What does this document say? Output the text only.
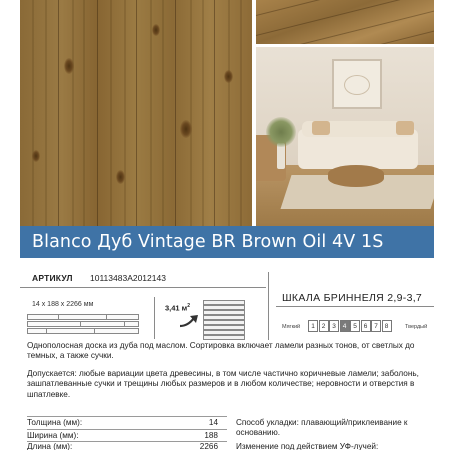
Blanco Дуб Vintage BR Brown Oil 4V 1S
АРТИКУЛ 10113483A2012143
14 x 188 x 2266 мм	3,41 $м^2$
ШКАЛА БРИННЕЛЯ 2,9-3,7
Мягкий	1	2	3	4	5	6	7	8	Твердый
Однополосная доска из дуба под маслом. Сортировка включает ламели разных тонов, от светлых до темных, а также сучки.
Допускается: любые вариации цвета древесины, в том числе частично коричневые ламели; заболонь, зашпатлеванные сучки и трещины любых размеров и в любом количестве; неровности и отверстия в шпатлевке.
Толщина (мм):	14
Ширина (мм):	188
Длина (мм):	2266
Способ укладки: плавающий/приклеивание к основанию.
Изменение под действием УФ-лучей:
